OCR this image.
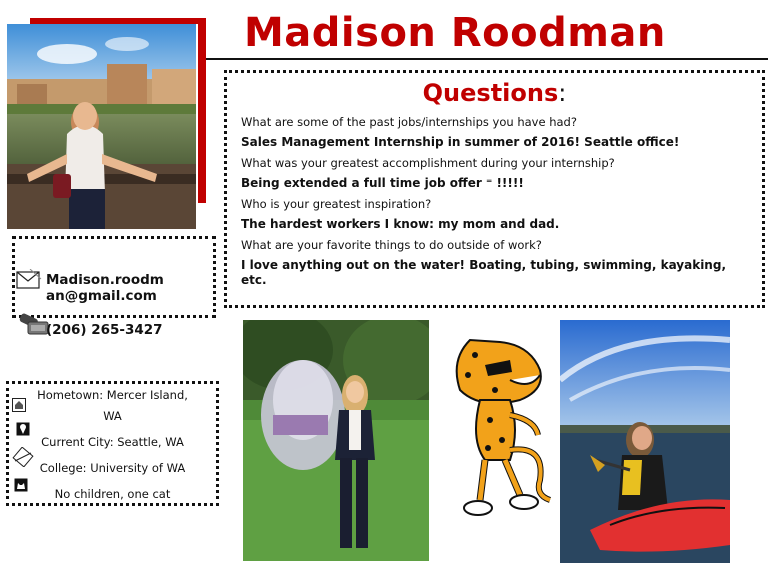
Madison Roodman
Questions:
What are some of the past jobs/internships you have had?
Sales Management Internship in summer of 2016! Seattle office!
What was your greatest accomplishment during your internship?
Being extended a full time job offer ⁼ !!!!!
Who is your greatest inspiration?
The hardest workers I know: my mom and dad.
What are your favorite things to do outside of work?
I love anything out on the water! Boating, tubing, swimming, kayaking, etc.
Madison.roodm
an@gmail.com
(206) 265-3427
Hometown: Mercer Island,
WA
Current City: Seattle, WA
College: University of WA
No children, one cat
